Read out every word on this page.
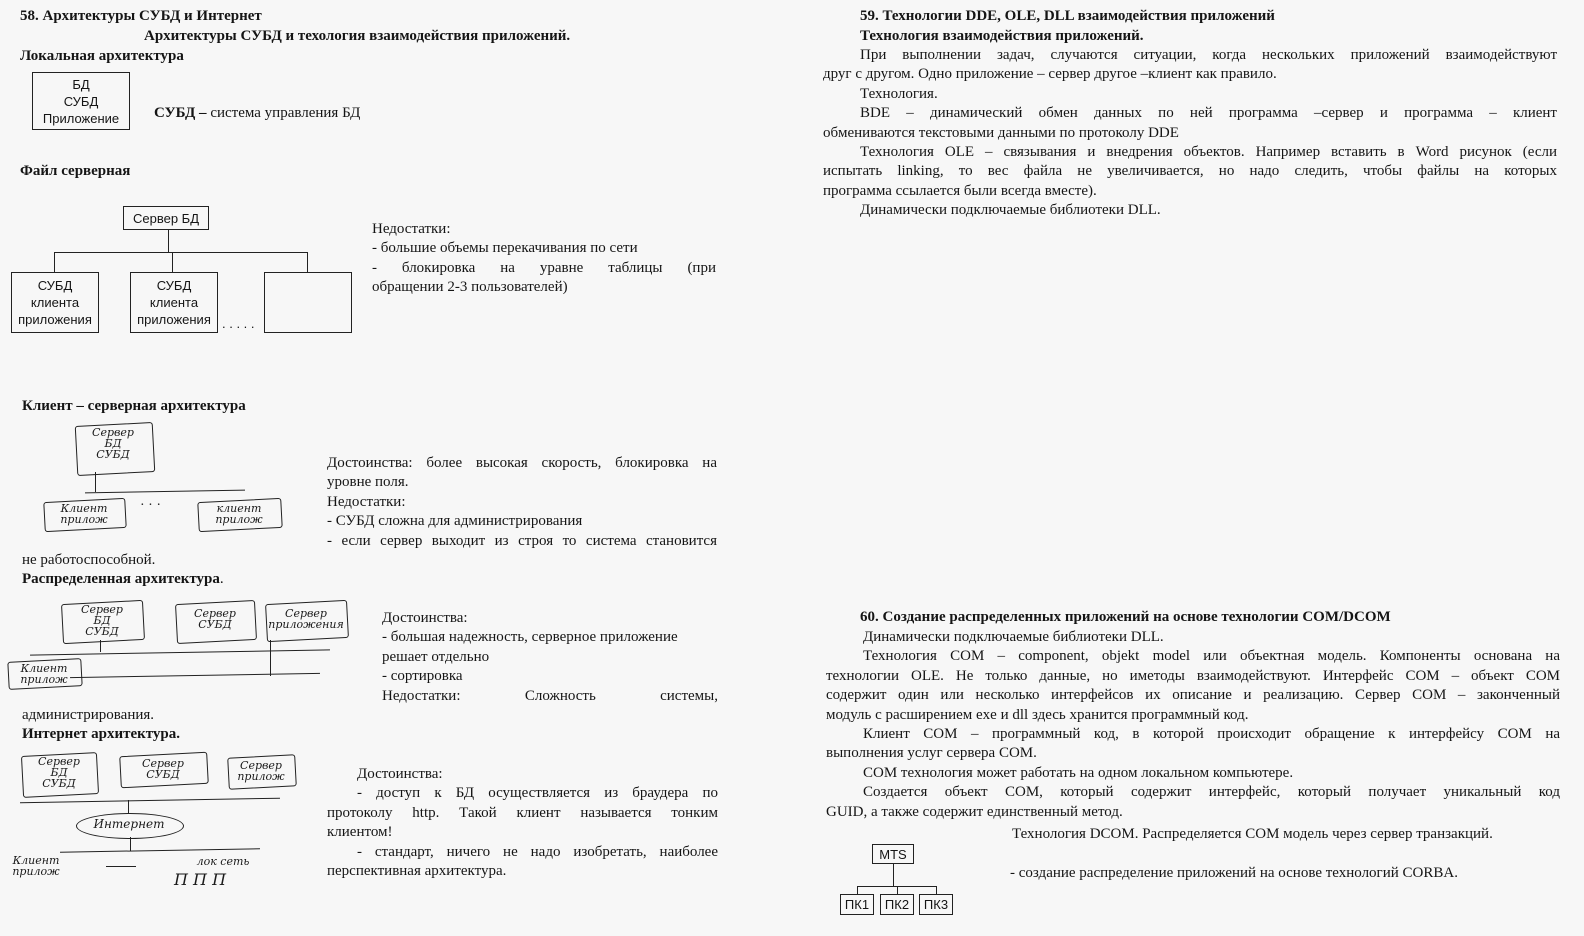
58. Архитектуры СУБД и Интернет
Архитектуры СУБД и техология взаимодействия приложений.
Локальная архитектура
БД
СУБД
Приложение	СУБД – система управления БД
Файл серверная
Сервер БД
СУБД
клиента
приложения
СУБД
клиента
приложения . . . . .

Недостатки:

- большие объемы перекачивания по сети

- блокировка на уравне таблицы (при

обращении 2-3 пользователей)

Клиент – серверная архитектура
Сервер
БД
СУБД
Клиент
прилож
· · ·	клиент
прилож

Достоинства: более высокая скорость, блокировка на

уровне поля.

Недостатки:

- СУБД сложна для администрирования

- если сервер выходит из строя то система становится

не работоспособной.
Распределенная архитектура.
Сервер
БД
СУБД
Сервер
СУБД
Сервер
приложения
Клиент
прилож

Достоинства:

- большая надежность, серверное приложение

решает отдельно

- сортировка

Недостатки: Сложность системы,

администрирования.
Интернет архитектура.
Сервер
БД
СУБД
Сервер
СУБД
Сервер
прилож
Интернет
Клиент
прилож
лок сеть
П П П

Достоинства:

- доступ к БД осуществляется из браудера по

протоколу http. Такой клиент называется тонким

клиентом!

- стандарт, ничего не надо изобретать, наиболее

перспективная архитектура.

59. Технологии DDE, OLE, DLL взаимодействия приложений
Технология взаимодействия приложений.

При выполнении задач, случаются ситуации, когда нескольких приложений взаимодействуют

друг с другом. Одно приложение – сервер другое –клиент как правило.

Технология.

BDE – динамический обмен данных по ней программа –сервер и программа – клиент

обмениваются текстовыми данными по протоколу DDE

Технология OLE – связывания и внедрения объектов. Например вставить в Word рисунок (если

испытать linking, то вес файла не увеличивается, но надо следить, чтобы файлы на которых

программа ссылается были всегда вместе).

Динамически подключаемые библиотеки DLL.

60. Создание распределенных приложений на основе технологии COM/DCOM

Динамически подключаемые библиотеки DLL.

Технология COM – component, objekt model или объектная модель. Компоненты основана на

технологии OLE. Не только данные, но иметоды взаимодействуют. Интерфейс COM – объект COM

содержит один или несколько интерфейсов их описание и реализацию. Сервер COM – законченный

модуль с расширением exe и dll здесь хранится программный код.

Клиент COM – программный код, в которой происходит обращение к интерфейсу COM на

выполнения услуг сервера COM.

COM технология может работать на одном локальном компьютере.

Создается объект COM, который содержит интерфейс, который получает уникальный код

GUID, а также содержит единственный метод.

Технология DCOM. Распределяется COM модель через сервер транзакций.
- создание распределение приложений на основе технологий CORBA.
MTS
ПК1	ПК2	ПК3
